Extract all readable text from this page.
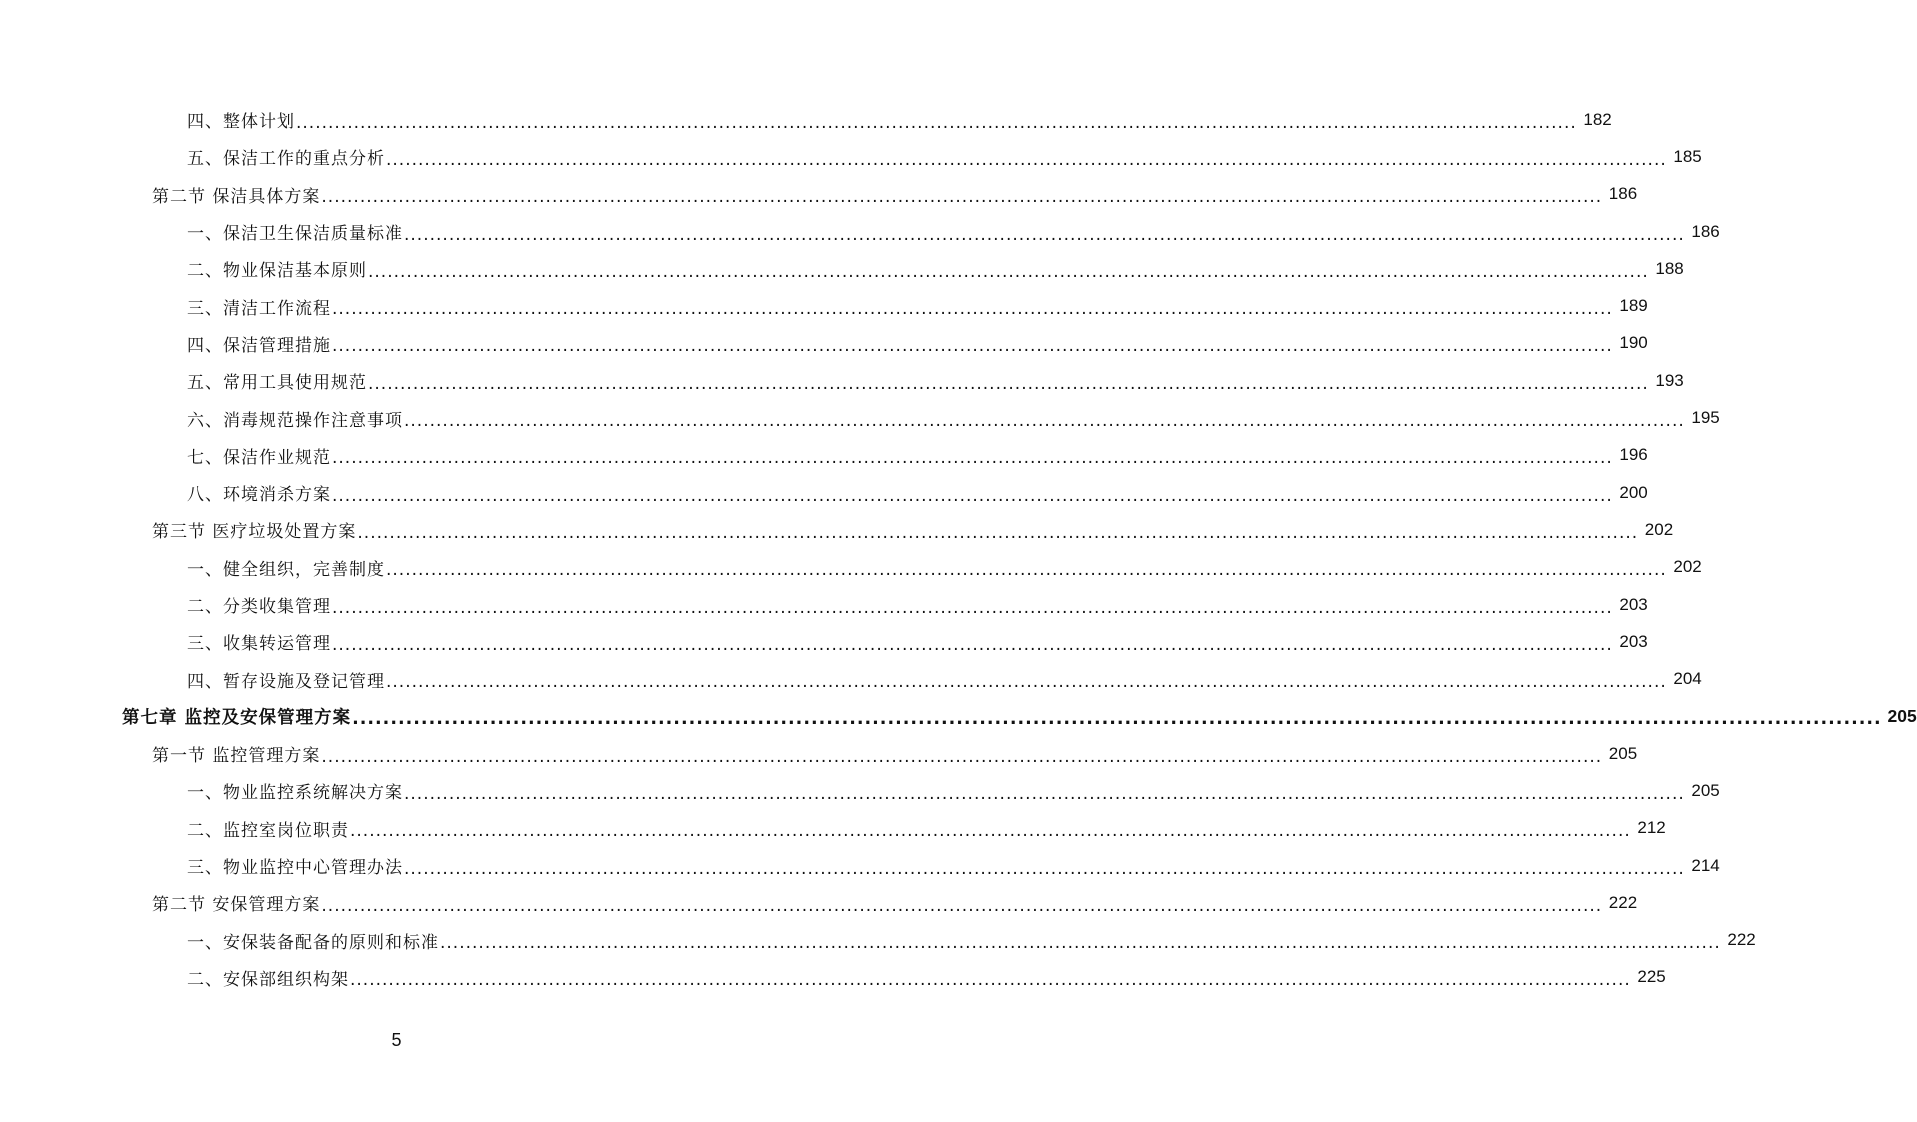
四、整体计划 ........................................................................................................................................................................................................ 182
五、保洁工作的重点分析 ........................................................................................................................................................................................................ 185
第二节 保洁具体方案 ........................................................................................................................................................................................................ 186
一、保洁卫生保洁质量标准 ........................................................................................................................................................................................................ 186
二、物业保洁基本原则 ........................................................................................................................................................................................................ 188
三、清洁工作流程 ........................................................................................................................................................................................................ 189
四、保洁管理措施 ........................................................................................................................................................................................................ 190
五、常用工具使用规范 ........................................................................................................................................................................................................ 193
六、消毒规范操作注意事项 ........................................................................................................................................................................................................ 195
七、保洁作业规范 ........................................................................................................................................................................................................ 196
八、环境消杀方案 ........................................................................................................................................................................................................ 200
第三节 医疗垃圾处置方案 ........................................................................................................................................................................................................ 202
一、健全组织，完善制度 ........................................................................................................................................................................................................ 202
二、分类收集管理 ........................................................................................................................................................................................................ 203
三、收集转运管理 ........................................................................................................................................................................................................ 203
四、暂存设施及登记管理 ........................................................................................................................................................................................................ 204
第七章 监控及安保管理方案 ........................................................................................................................................................................................................ 205
第一节 监控管理方案 ........................................................................................................................................................................................................ 205
一、物业监控系统解决方案 ........................................................................................................................................................................................................ 205
二、监控室岗位职责 ........................................................................................................................................................................................................ 212
三、物业监控中心管理办法 ........................................................................................................................................................................................................ 214
第二节 安保管理方案 ........................................................................................................................................................................................................ 222
一、安保装备配备的原则和标准 ........................................................................................................................................................................................................ 222
二、安保部组织构架 ........................................................................................................................................................................................................ 225
5
